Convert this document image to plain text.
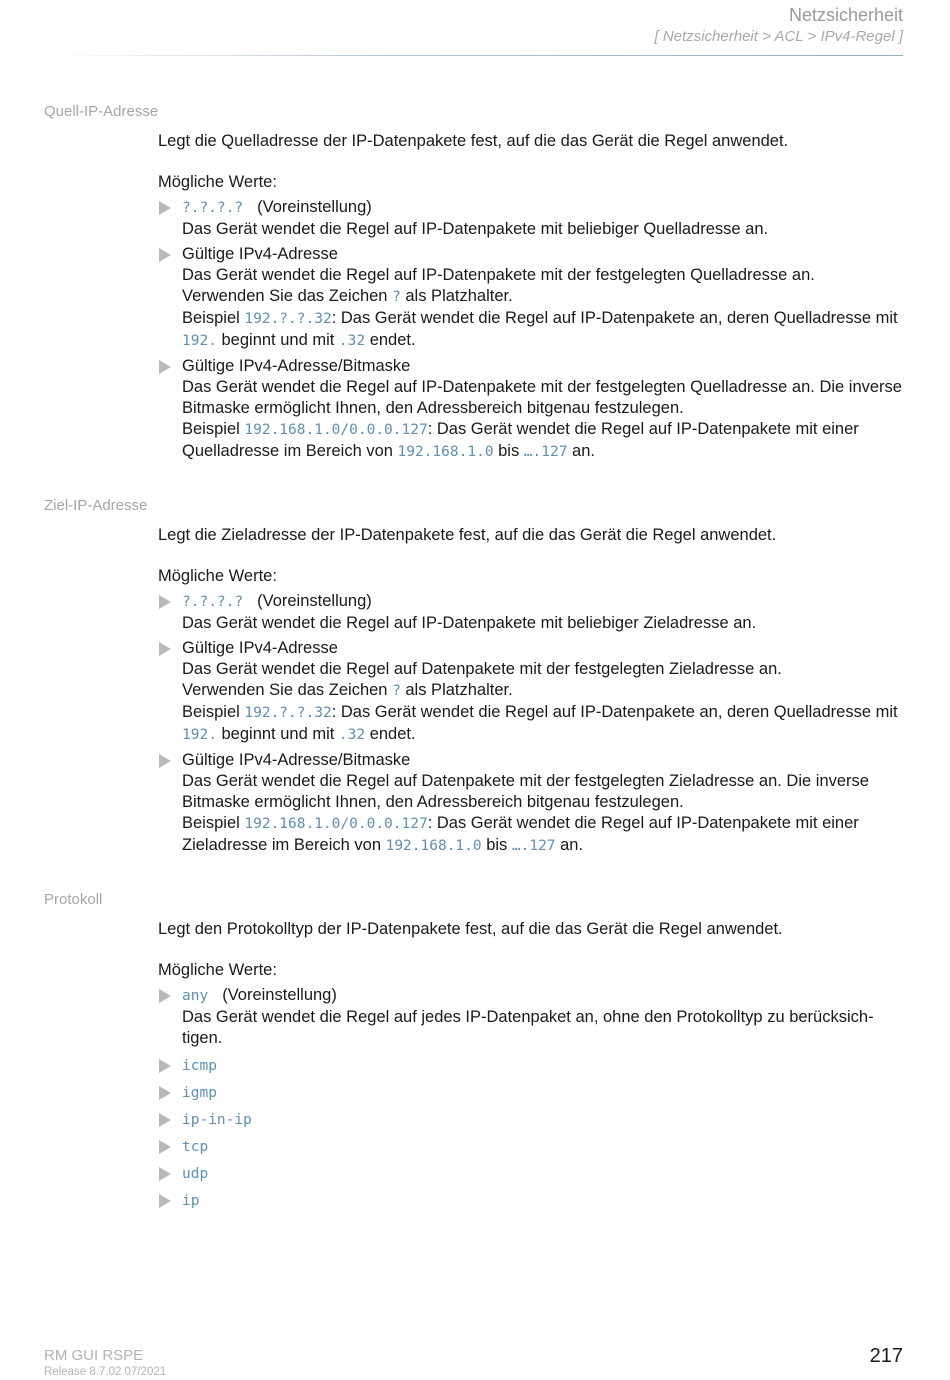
Netzsicherheit
[ Netzsicherheit > ACL > IPv4-Regel ]
Quell-IP-Adresse

Legt die Quelladresse der IP-Datenpakete fest, auf die das Gerät die Regel anwendet.

Mögliche Werte:

?.?.?.? (Voreinstellung)

Das Gerät wendet die Regel auf IP-Datenpakete mit beliebiger Quelladresse an.

Gültige IPv4-Adresse

Das Gerät wendet die Regel auf IP-Datenpakete mit der festgelegten Quelladresse an.

Verwenden Sie das Zeichen ? als Platzhalter.

Beispiel 192.?.?.32: Das Gerät wendet die Regel auf IP-Datenpakete an, deren Quelladresse mit 192. beginnt und mit .32 endet.

Gültige IPv4-Adresse/Bitmaske

Das Gerät wendet die Regel auf IP-Datenpakete mit der festgelegten Quelladresse an. Die inverse Bitmaske ermöglicht Ihnen, den Adressbereich bitgenau festzulegen.

Beispiel 192.168.1.0/0.0.0.127: Das Gerät wendet die Regel auf IP-Datenpakete mit einer Quelladresse im Bereich von 192.168.1.0 bis ….127 an.

Ziel-IP-Adresse

Legt die Zieladresse der IP-Datenpakete fest, auf die das Gerät die Regel anwendet.

Mögliche Werte:

?.?.?.? (Voreinstellung)

Das Gerät wendet die Regel auf IP-Datenpakete mit beliebiger Zieladresse an.

Gültige IPv4-Adresse

Das Gerät wendet die Regel auf Datenpakete mit der festgelegten Zieladresse an.

Verwenden Sie das Zeichen ? als Platzhalter.

Beispiel 192.?.?.32: Das Gerät wendet die Regel auf IP-Datenpakete an, deren Quelladresse mit 192. beginnt und mit .32 endet.

Gültige IPv4-Adresse/Bitmaske

Das Gerät wendet die Regel auf Datenpakete mit der festgelegten Zieladresse an. Die inverse Bitmaske ermöglicht Ihnen, den Adressbereich bitgenau festzulegen.

Beispiel 192.168.1.0/0.0.0.127: Das Gerät wendet die Regel auf IP-Datenpakete mit einer Zieladresse im Bereich von 192.168.1.0 bis ….127 an.

Protokoll

Legt den Protokolltyp der IP-Datenpakete fest, auf die das Gerät die Regel anwendet.

Mögliche Werte:

any (Voreinstellung)

Das Gerät wendet die Regel auf jedes IP-Datenpaket an, ohne den Protokolltyp zu berücksich-tigen.

icmp

igmp

ip-in-ip

tcp

udp

ip

RM GUI RSPE
Release 8.7.02 07/2021
217
